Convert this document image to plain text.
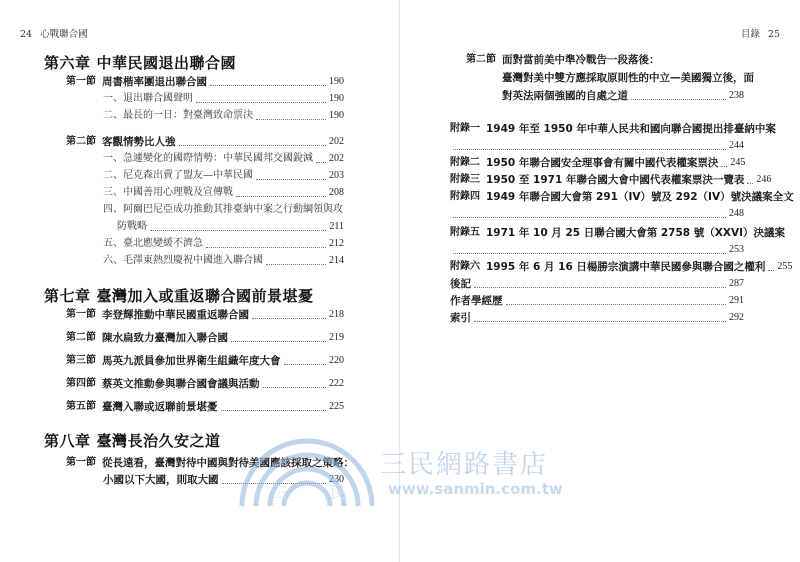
24 心戰聯合國
第六章 中華民國退出聯合國
第一節 周書楷率團退出聯合國	190
一、退出聯合國聲明	190
二、最長的一日：對臺灣致命票決	190
第二節 客觀情勢比人強	202
一、急遽變化的國際情勢：中華民國邦交國銳減 202
二、尼克森出賣了盟友—中華民國	203
三、中國善用心理戰及宣傳戰	208
四、阿爾巴尼亞成功推動其排臺納中案之行動綱領與攻
防戰略	211
五、臺北應變緩不濟急	212
六、毛澤東熱烈慶祝中國進入聯合國	214
第七章 臺灣加入或重返聯合國前景堪憂
第一節 李登輝推動中華民國重返聯合國	218
第二節 陳水扁致力臺灣加入聯合國	219
第三節 馬英九派員參加世界衛生組織年度大會	220
第四節 蔡英文推動參與聯合國會議與活動	222
第五節 臺灣入聯或返聯前景堪憂	225
第八章 臺灣長治久安之道
第一節 從長遠看，臺灣對待中國與對待美國應該採取之策略：
小國以下大國，則取大國	230
目錄 25
第二節 面對當前美中準冷戰告一段落後：
臺灣對美中雙方應採取原則性的中立—美國獨立後，面
對英法兩個強國的自處之道	238
附錄一 1949 年至 1950 年中華人民共和國向聯合國提出排臺納中案
244
附錄二 1950 年聯合國安全理事會有關中國代表權案票決 245
附錄三 1950 至 1971 年聯合國大會中國代表權案票決一覽表 246
附錄四 1949 年聯合國大會第 291（IV）號及 292（IV）號決議案全文
248
附錄五 1971 年 10 月 25 日聯合國大會第 2758 號（XXVI）決議案
253
附錄六 1995 年 6 月 16 日楊勝宗演講中華民國參與聯合國之權利 255
後記	287
作者學經歷	291
索引	292
三	民
三民網路書店
www.sanmin.com.tw
